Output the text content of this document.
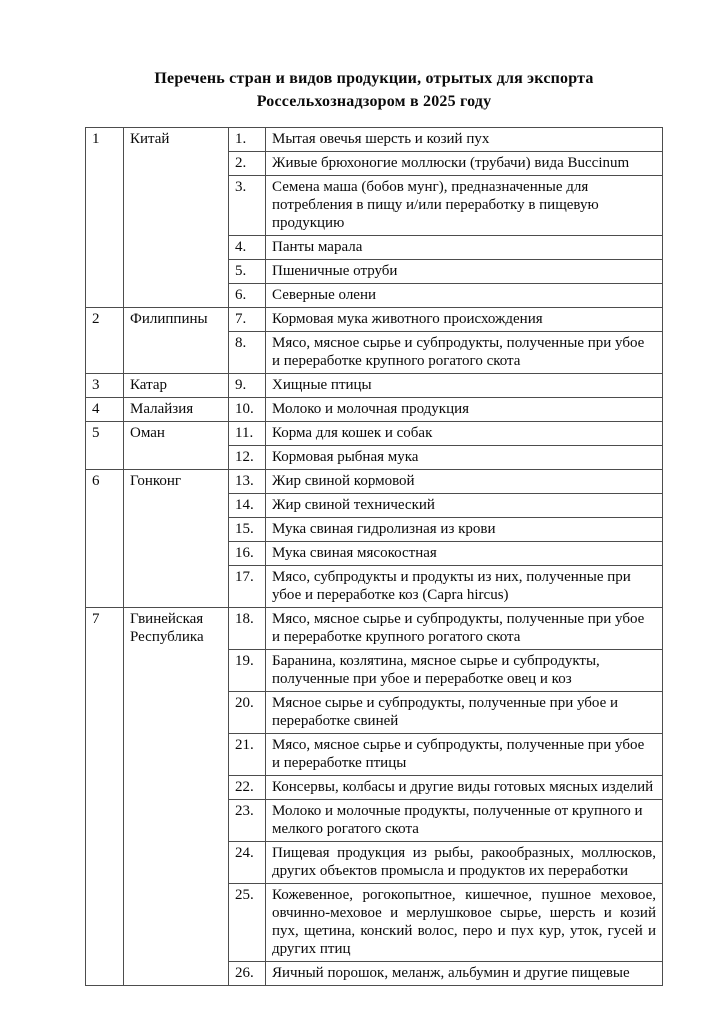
Перечень стран и видов продукции, отрытых для экспорта
Россельхознадзором в 2025 году
1	Китай	1.	Мытая овечья шерсть и козий пух
		2.	Живые брюхоногие моллюски (трубачи) вида Buccinum
		3.	Семена маша (бобов мунг), предназначенные для потребления в пищу и/или переработку в пищевую продукцию
		4.	Панты марала
		5.	Пшеничные отруби
		6.	Северные олени
2	Филиппины	7.	Кормовая мука животного происхождения
		8.	Мясо, мясное сырье и субпродукты, полученные при убое и переработке крупного рогатого скота
3	Катар	9.	Хищные птицы
4	Малайзия	10.	Молоко и молочная продукция
5	Оман	11.	Корма для кошек и собак
		12.	Кормовая рыбная мука
6	Гонконг	13.	Жир свиной кормовой
		14.	Жир свиной технический
		15.	Мука свиная гидролизная из крови
		16.	Мука свиная мясокостная
		17.	Мясо, субпродукты и продукты из них, полученные при убое и переработке коз (Capra hircus)
7	Гвинейская Республика	18.	Мясо, мясное сырье и субпродукты, полученные при убое и переработке крупного рогатого скота
		19.	Баранина, козлятина, мясное сырье и субпродукты, полученные при убое и переработке овец и коз
		20.	Мясное сырье и субпродукты, полученные при убое и переработке свиней
		21.	Мясо, мясное сырье и субпродукты, полученные при убое и переработке птицы
		22.	Консервы, колбасы и другие виды готовых мясных изделий
		23.	Молоко и молочные продукты, полученные от крупного и мелкого рогатого скота
		24.	Пищевая продукция из рыбы, ракообразных, моллюсков, других объектов промысла и продуктов их переработки
		25.	Кожевенное, рогокопытное, кишечное, пушное меховое, овчинно-меховое и мерлушковое сырье, шерсть и козий пух, щетина, конский волос, перо и пух кур, уток, гусей и других птиц
		26.	Яичный порошок, меланж, альбумин и другие пищевые
